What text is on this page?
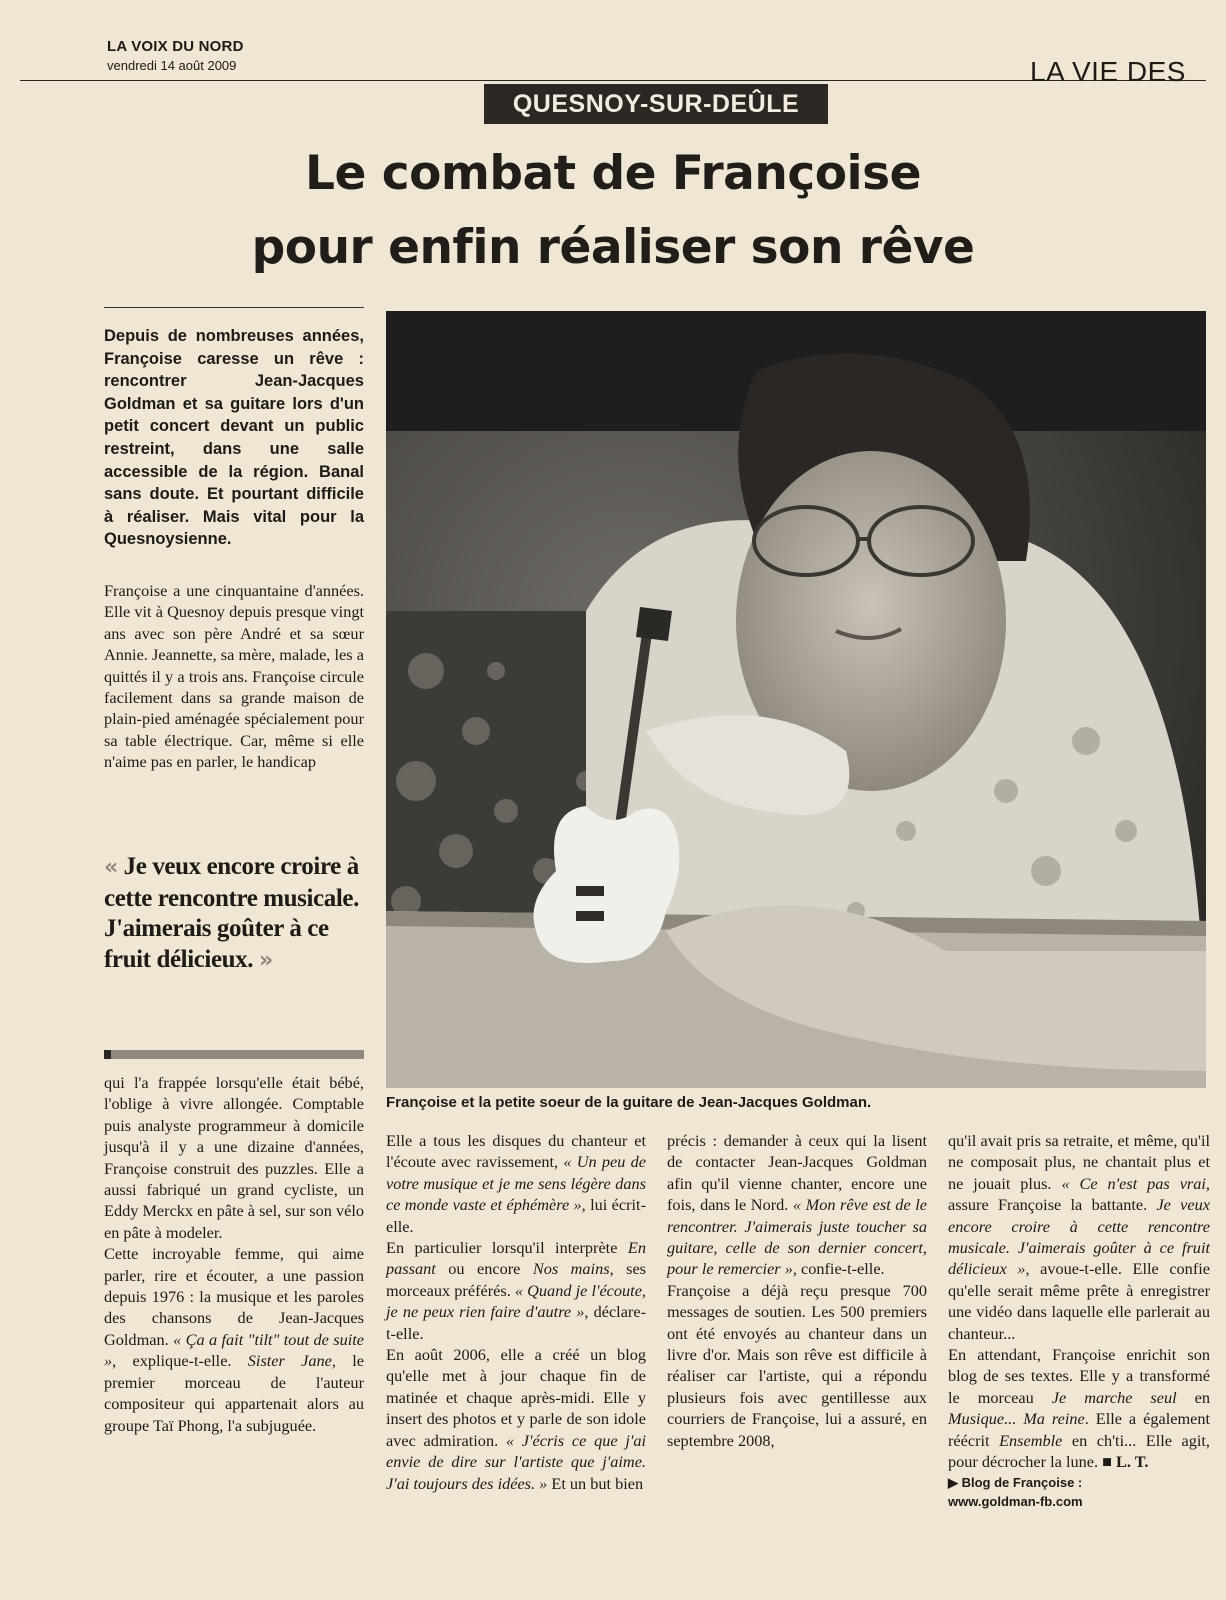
LA VOIX DU NORD
vendredi 14 août 2009	LA VIE DES
QUESNOY-SUR-DEÛLE
Le combat de Françoise
pour enfin réaliser son rêve
Depuis de nombreuses années, Françoise caresse un rêve : rencontrer Jean-Jacques Goldman et sa guitare lors d'un petit concert devant un public restreint, dans une salle accessible de la région. Banal sans doute. Et pourtant difficile à réaliser. Mais vital pour la Quesnoysienne.
Françoise a une cinquantaine d'années. Elle vit à Quesnoy depuis presque vingt ans avec son père André et sa sœur Annie. Jeannette, sa mère, malade, les a quittés il y a trois ans. Françoise circule facilement dans sa grande maison de plain-pied aménagée spécialement pour sa table électrique. Car, même si elle n'aime pas en parler, le handicap
« Je veux encore croire à cette rencontre musicale. J'aimerais goûter à ce fruit délicieux. »
qui l'a frappée lorsqu'elle était bébé, l'oblige à vivre allongée. Comptable puis analyste programmeur à domicile jusqu'à il y a une dizaine d'années, Françoise construit des puzzles. Elle a aussi fabriqué un grand cycliste, un Eddy Merckx en pâte à sel, sur son vélo en pâte à modeler.
Cette incroyable femme, qui aime parler, rire et écouter, a une passion depuis 1976 : la musique et les paroles des chansons de Jean-Jacques Goldman. « Ça a fait "tilt" tout de suite », explique-t-elle. Sister Jane, le premier morceau de l'auteur compositeur qui appartenait alors au groupe Taï Phong, l'a subjuguée.
Françoise et la petite soeur de la guitare de Jean-Jacques Goldman.
Elle a tous les disques du chanteur et l'écoute avec ravissement, « Un peu de votre musique et je me sens légère dans ce monde vaste et éphémère », lui écrit-elle.
En particulier lorsqu'il interprète En passant ou encore Nos mains, ses morceaux préférés. « Quand je l'écoute, je ne peux rien faire d'autre », déclare-t-elle.
En août 2006, elle a créé un blog qu'elle met à jour chaque fin de matinée et chaque après-midi. Elle y insert des photos et y parle de son idole avec admiration. « J'écris ce que j'ai envie de dire sur l'artiste que j'aime. J'ai toujours des idées. » Et un but bien
précis : demander à ceux qui la lisent de contacter Jean-Jacques Goldman afin qu'il vienne chanter, encore une fois, dans le Nord. « Mon rêve est de le rencontrer. J'aimerais juste toucher sa guitare, celle de son dernier concert, pour le remercier », confie-t-elle.
Françoise a déjà reçu presque 700 messages de soutien. Les 500 premiers ont été envoyés au chanteur dans un livre d'or. Mais son rêve est difficile à réaliser car l'artiste, qui a répondu plusieurs fois avec gentillesse aux courriers de Françoise, lui a assuré, en septembre 2008,
qu'il avait pris sa retraite, et même, qu'il ne composait plus, ne chantait plus et ne jouait plus. « Ce n'est pas vrai, assure Françoise la battante. Je veux encore croire à cette rencontre musicale. J'aimerais goûter à ce fruit délicieux », avoue-t-elle. Elle confie qu'elle serait même prête à enregistrer une vidéo dans laquelle elle parlerait au chanteur...
En attendant, Françoise enrichit son blog de ses textes. Elle y a transformé le morceau Je marche seul en Musique... Ma reine. Elle a également réécrit Ensemble en ch'ti... Elle agit, pour décrocher la lune. ■ L. T.
▶ Blog de Françoise :
www.goldman-fb.com
